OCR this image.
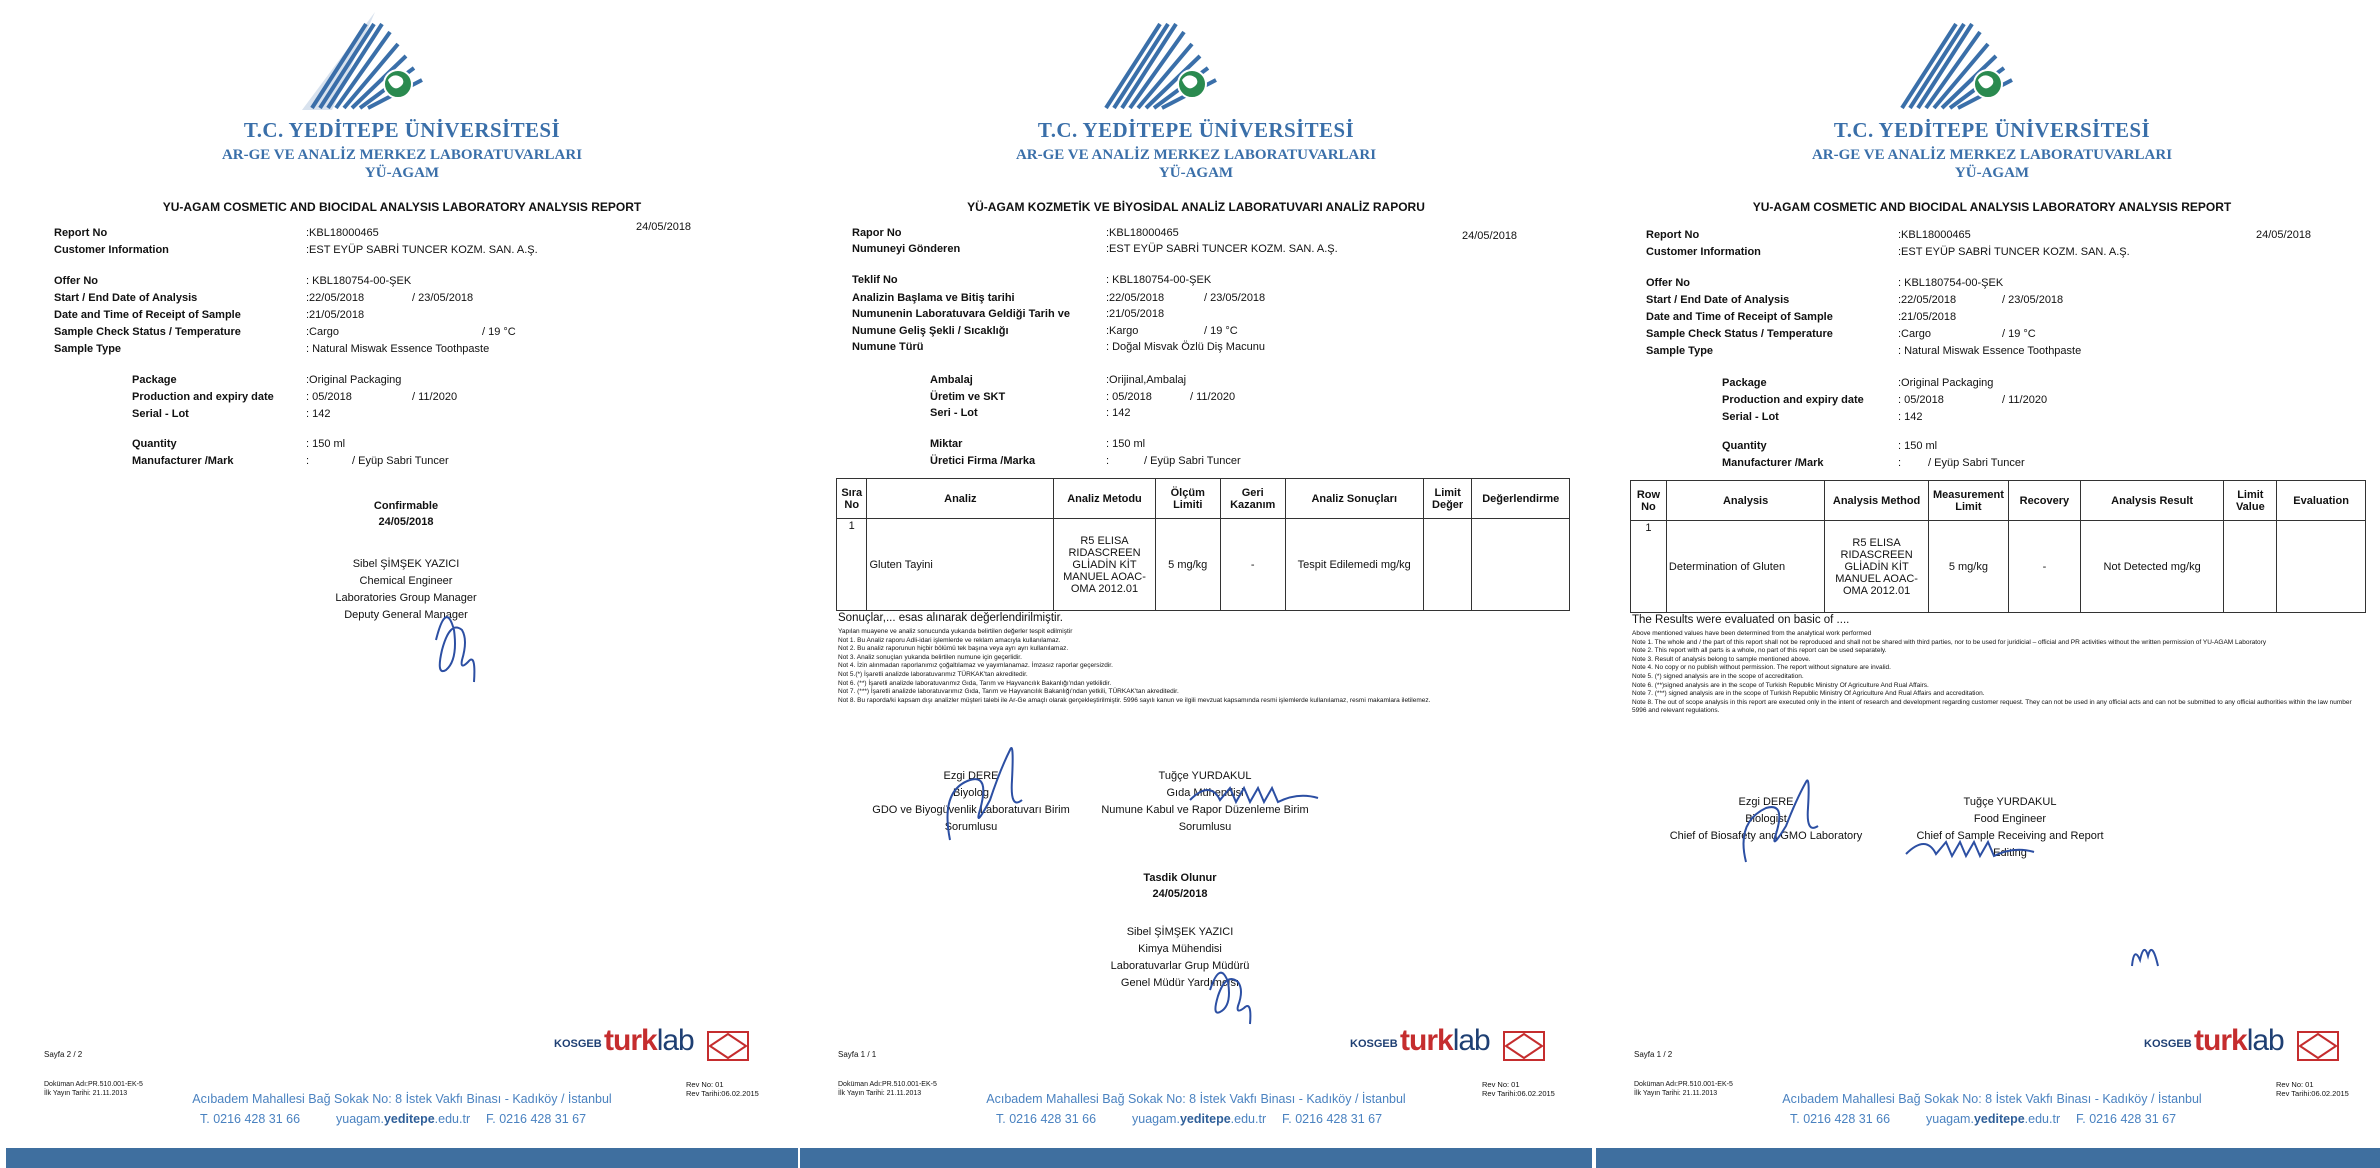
T.C. YEDİTEPE ÜNİVERSİTESİ
AR-GE VE ANALİZ MERKEZ LABORATUVARLARI
YÜ-AGAM
YU-AGAM COSMETIC AND BIOCIDAL ANALYSIS LABORATORY ANALYSIS REPORT
24/05/2018
Report No	:KBL18000465
Customer Information	:EST EYÜP SABRİ TUNCER KOZM. SAN. A.Ş.
Offer No	: KBL180754-00-ŞEK
Start / End Date of Analysis	:22/05/2018	/ 23/05/2018
Date and Time of Receipt of Sample	:21/05/2018
Sample Check Status / Temperature	:Cargo	/ 19 °C
Sample Type	: Natural Miswak Essence Toothpaste
Package	:Original Packaging
Production and expiry date	: 05/2018	/ 11/2020
Serial - Lot	: 142
Quantity	: 150 ml
Manufacturer /Mark	:	/ Eyüp Sabri Tuncer
Confirmable
24/05/2018
Sibel ŞİMŞEK YAZICI
Chemical Engineer
Laboratories Group Manager
Deputy General Manager
Sayfa 2 / 2
Doküman Adı:PR.510.001-EK-5
İlk Yayın Tarihi: 21.11.2013
KOSGEB turklab
Rev No: 01
Rev Tarihi:06.02.2015
Acıbadem Mahallesi Bağ Sokak No: 8 İstek Vakfı Binası - Kadıköy / İstanbul
T. 0216 428 31 66	yuagam.yeditepe.edu.tr F. 0216 428 31 67
T.C. YEDİTEPE ÜNİVERSİTESİ
AR-GE VE ANALİZ MERKEZ LABORATUVARLARI
YÜ-AGAM
YÜ-AGAM KOZMETİK VE BİYOSİDAL ANALİZ LABORATUVARI ANALİZ RAPORU
24/05/2018
Rapor No	:KBL18000465
Numuneyi Gönderen	:EST EYÜP SABRİ TUNCER KOZM. SAN. A.Ş.
Teklif No	: KBL180754-00-ŞEK
Analizin Başlama ve Bitiş tarihi	:22/05/2018	/ 23/05/2018
Numunenin Laboratuvara Geldiği Tarih ve	:21/05/2018
Numune Geliş Şekli / Sıcaklığı	:Kargo	/ 19 °C
Numune Türü	: Doğal Misvak Özlü Diş Macunu
Ambalaj	:Orijinal,Ambalaj
Üretim ve SKT	: 05/2018	/ 11/2020
Seri - Lot	: 142
Miktar	: 150 ml
Üretici Firma /Marka	:	/ Eyüp Sabri Tuncer
Sıra No	Analiz	Analiz Metodu	Ölçüm Limiti	Geri Kazanım	Analiz Sonuçları	Limit Değer	Değerlendirme
1	Gluten Tayini	R5 ELISA RIDASCREEN GLİADİN KİT MANUEL AOAC-OMA 2012.01	5 mg/kg	-	Tespit Edilemedi mg/kg		
Sonuçlar,... esas alınarak değerlendirilmiştir.
Yapılan muayene ve analiz sonucunda yukarıda belirtilen değerler tespit edilmiştir
Not 1. Bu Analiz raporu Adli-idari işlemlerde ve reklam amacıyla kullanılamaz.
Not 2. Bu analiz raporunun hiçbir bölümü tek başına veya ayrı ayrı kullanılamaz.
Not 3. Analiz sonuçları yukarıda belirtilen numune için geçerlidir.
Not 4. İzin alınmadan raporlanımız çoğaltılamaz ve yayımlanamaz. İmzasız raporlar geçersizdir.
Not 5.(*) İşaretli analizde laboratuvarımız TÜRKAK'tan akreditedir.
Not 6. (**) İşaretli analizde laboratuvarımız Gıda, Tarım ve Hayvancılık Bakanlığı'ndan yetkilidir.
Not 7. (***) İşaretli analizde laboratuvarımız Gıda, Tarım ve Hayvancılık Bakanlığı'ndan yetkili, TÜRKAK'tan akreditedir.
Not 8. Bu raporda/ki kapsam dışı analizler müşteri talebi ile Ar-Ge amaçlı olarak gerçekleştirilmiştir. 5996 sayılı kanun ve ilgili mevzuat kapsamında resmi işlemlerde kullanılamaz, resmi makamlara iletilemez.
Ezgi DERE
Biyolog
GDO ve Biyogüvenlik Laboratuvarı Birim
Sorumlusu
Tuğçe YURDAKUL
Gıda Mühendisi
Numune Kabul ve Rapor Düzenleme Birim
Sorumlusu
Tasdik Olunur
24/05/2018
Sibel ŞİMŞEK YAZICI
Kimya Mühendisi
Laboratuvarlar Grup Müdürü
Genel Müdür Yardımcısı
Sayfa 1 / 1
Doküman Adı:PR.510.001-EK-5
İlk Yayın Tarihi: 21.11.2013
KOSGEB turklab
Rev No: 01
Rev Tarihi:06.02.2015
Acıbadem Mahallesi Bağ Sokak No: 8 İstek Vakfı Binası - Kadıköy / İstanbul
T. 0216 428 31 66	yuagam.yeditepe.edu.tr F. 0216 428 31 67
T.C. YEDİTEPE ÜNİVERSİTESİ
AR-GE VE ANALİZ MERKEZ LABORATUVARLARI
YÜ-AGAM
YU-AGAM COSMETIC AND BIOCIDAL ANALYSIS LABORATORY ANALYSIS REPORT
24/05/2018
Report No	:KBL18000465
Customer Information	:EST EYÜP SABRİ TUNCER KOZM. SAN. A.Ş.
Offer No	: KBL180754-00-ŞEK
Start / End Date of Analysis	:22/05/2018	/ 23/05/2018
Date and Time of Receipt of Sample	:21/05/2018
Sample Check Status / Temperature	:Cargo	/ 19 °C
Sample Type	: Natural Miswak Essence Toothpaste
Package	:Original Packaging
Production and expiry date	: 05/2018	/ 11/2020
Serial - Lot	: 142
Quantity	: 150 ml
Manufacturer /Mark	: / Eyüp Sabri Tuncer
Row No	Analysis	Analysis Method	Measurement Limit	Recovery	Analysis Result	Limit Value	Evaluation
1	Determination of Gluten	R5 ELISA RIDASCREEN GLİADİN KİT MANUEL AOAC-OMA 2012.01	5 mg/kg	-	Not Detected mg/kg		
The Results were evaluated on basic of ....
Above mentioned values have been determined from the analytical work performed
Note 1. The whole and / the part of this report shall not be reproduced and shall not be shared with third parties, nor to be used for juridicial – official and PR activities without the written permission of YU-AGAM Laboratory
Note 2. This report with all parts is a whole, no part of this report can be used separately.
Note 3. Result of analysis belong to sample mentioned above.
Note 4. No copy or no publish without permission. The report without signature are invalid.
Note 5. (*) signed analysis are in the scope of accreditation.
Note 6. (**)signed analysis are in the scope of Turkish Republic Ministry Of Agriculture And Rual Affairs.
Note 7. (***) signed analysis are in the scope of Turkish Republic Ministry Of Agriculture And Rual Affairs and accreditation.
Note 8. The out of scope analysis in this report are executed only in the intent of research and development regarding customer request. They can not be used in any official acts and can not be submitted to any official authorities within the law number 5996 and relevant regulations.
Ezgi DERE
Biologist
Chief of Biosafety and GMO Laboratory
Tuğçe YURDAKUL
Food Engineer
Chief of Sample Receiving and Report
Editing
Sayfa 1 / 2
Doküman Adı:PR.510.001-EK-5
İlk Yayın Tarihi: 21.11.2013
KOSGEB turklab
Rev No: 01
Rev Tarihi:06.02.2015
Acıbadem Mahallesi Bağ Sokak No: 8 İstek Vakfı Binası - Kadıköy / İstanbul
T. 0216 428 31 66	yuagam.yeditepe.edu.tr F. 0216 428 31 67
